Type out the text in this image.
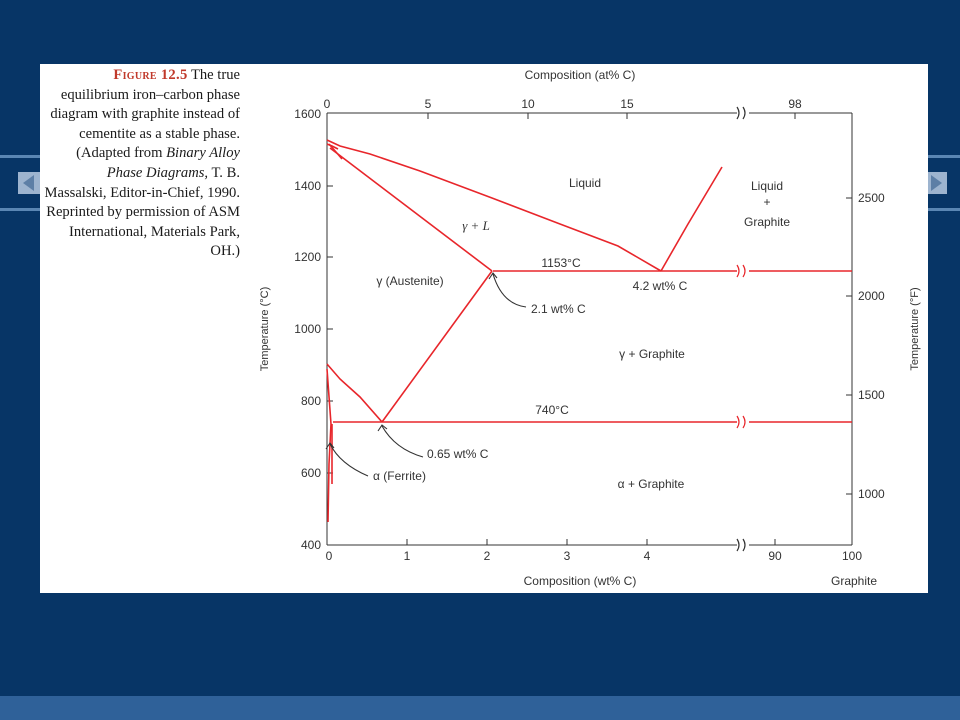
Figure 12.5 The true equilibrium iron–carbon phase diagram with graphite instead of cementite as a stable phase. (Adapted from Binary Alloy Phase Diagrams, T. B. Massalski, Editor-in-Chief, 1990. Reprinted by permission of ASM International, Materials Park, OH.)
Composition (at% C)
0	5	10	15	98
0	1	2	3	4	90	100
Composition (wt% C)	Graphite
400
600
800
1000
1200
1400
1600
Temperature (°C)
1000
1500
2000
2500
Temperature (°F)
Liquid	Liquid
+
Graphite
γ + L
γ (Austenite)
γ + Graphite
α + Graphite
α (Ferrite)
1153°C
4.2 wt% C
2.1 wt% C
740°C
0.65 wt% C
